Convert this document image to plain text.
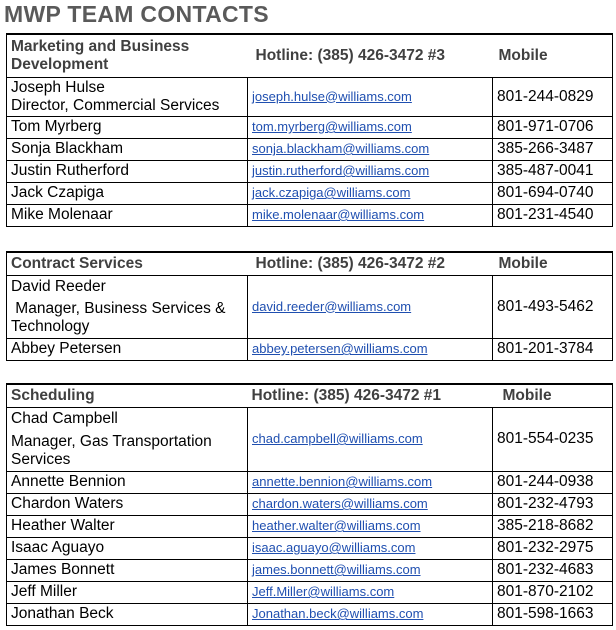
MWP TEAM CONTACTS
Marketing and Business
Development	Hotline: (385) 426-3472 #3	Mobile

Joseph Hulse
Director, Commercial Services	joseph.hulse@williams.com	801-244-0829
Tom Myrberg	tom.myrberg@williams.com	801-971-0706
Sonja Blackham	sonja.blackham@williams.com	385-266-3487
Justin Rutherford	justin.rutherford@williams.com	385-487-0041
Jack Czapiga	jack.czapiga@williams.com	801-694-0740
Mike Molenaar	mike.molenaar@williams.com	801-231-4540
Contract Services	Hotline: (385) 426-3472 #2	Mobile

David Reeder
Manager, Business Services &
Technology	david.reeder@williams.com	801-493-5462
Abbey Petersen	abbey.petersen@williams.com	801-201-3784
Scheduling	Hotline: (385) 426-3472 #1	Mobile

Chad Campbell
Manager, Gas Transportation
Services	chad.campbell@williams.com	801-554-0235
Annette Bennion	annette.bennion@williams.com	801-244-0938
Chardon Waters	chardon.waters@williams.com	801-232-4793
Heather Walter	heather.walter@williams.com	385-218-8682
Isaac Aguayo	isaac.aguayo@williams.com	801-232-2975
James Bonnett	james.bonnett@williams.com	801-232-4683
Jeff Miller	Jeff.Miller@williams.com	801-870-2102
Jonathan Beck	Jonathan.beck@williams.com	801-598-1663
